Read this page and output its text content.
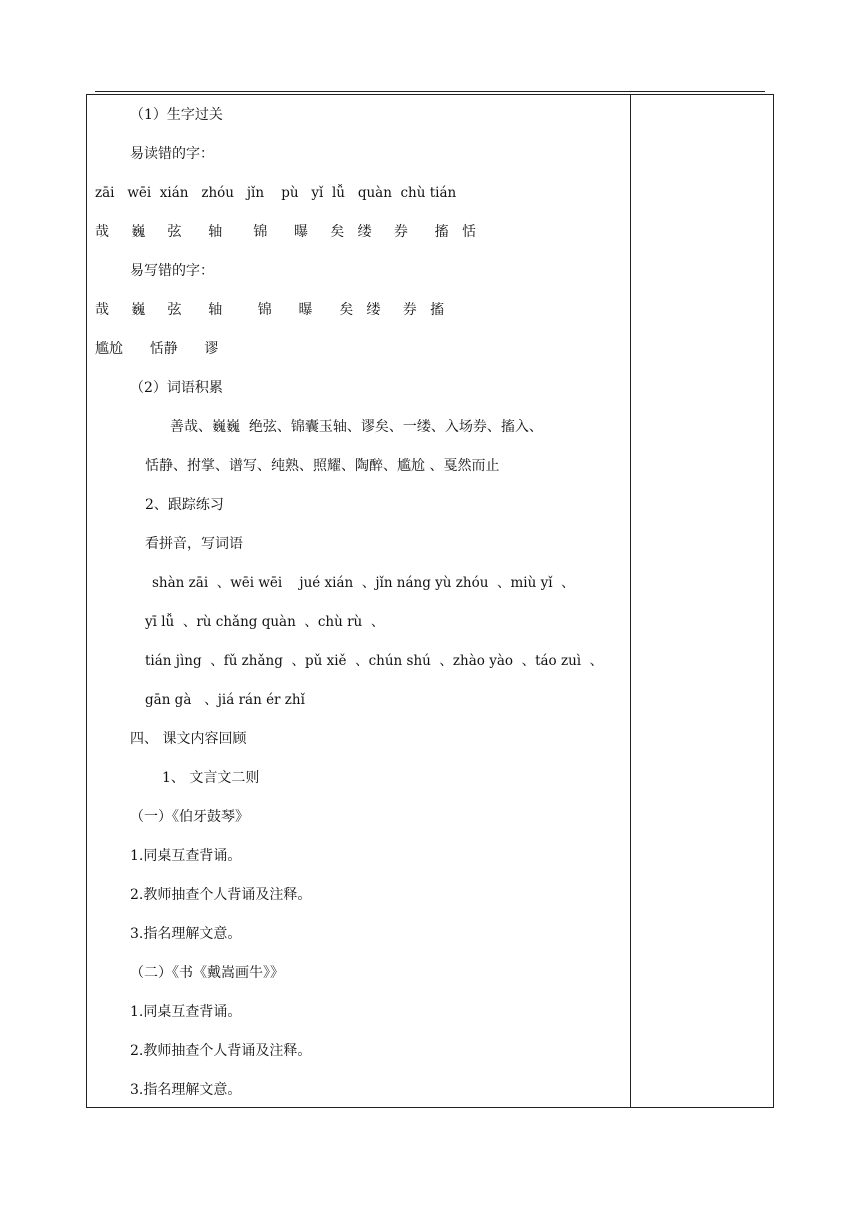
（1）生字过关
易读错的字：
zāi   wēi  xián   zhóu   jǐn    pù   yǐ  lǚ   quàn  chù tián
哉     巍     弦      轴       锦      曝     矣   缕     券      搐   恬
易写错的字：
哉     巍     弦      轴        锦      曝      矣   缕     券   搐
尴尬      恬静      谬
（2）词语积累
善哉、巍巍  绝弦、锦囊玉轴、谬矣、一缕、入场券、搐入、
恬静、拊掌、谱写、纯熟、照耀、陶醉、尴尬 、戛然而止
2、跟踪练习
看拼音，写词语
shàn zāi  、wēi wēi    jué xián  、jǐn náng yù zhóu  、miù yǐ  、
yī lǚ  、rù chǎng quàn  、chù rù  、
tián jìng  、fǔ zhǎng  、pǔ xiě  、chún shú  、zhào yào  、táo zuì  、
gān gà   、jiá rán ér zhǐ
四、 课文内容回顾
1、 文言文二则
（一）《伯牙鼓琴》
1.同桌互查背诵。
2.教师抽查个人背诵及注释。
3.指名理解文意。
（二）《书《戴嵩画牛》》
1.同桌互查背诵。
2.教师抽查个人背诵及注释。
3.指名理解文意。
